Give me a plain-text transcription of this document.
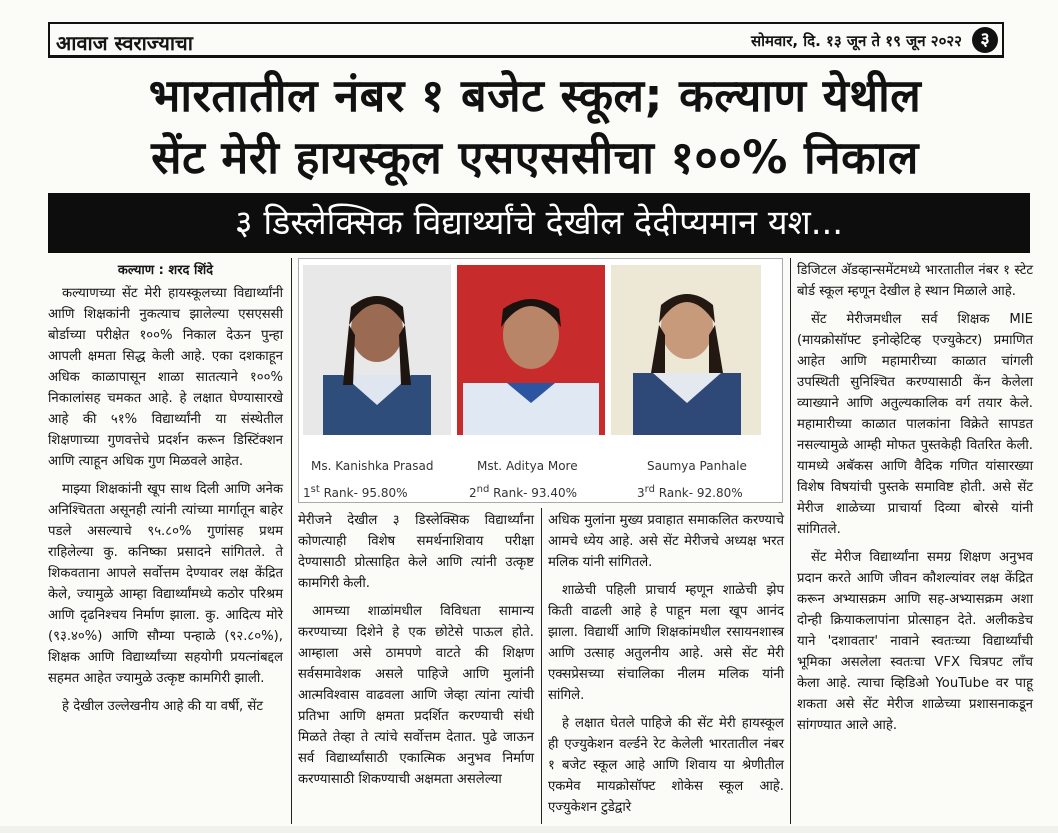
आवाज स्वराज्याचा	सोमवार, दि. १३ जून ते १९ जून २०२२	३
भारतातील नंबर १ बजेट स्कूल; कल्याण येथील
सेंट मेरी हायस्कूल एसएससीचा १००% निकाल
३ डिस्लेक्सिक विद्यार्थ्यांचे देखील देदीप्यमान यश...
कल्याण : शरद शिंदे

कल्याणच्या सेंट मेरी हायस्कूलच्या विद्यार्थ्यांनी आणि शिक्षकांनी नुकत्याच झालेल्या एसएससी बोर्डाच्या परीक्षेत १००% निकाल देऊन पुन्हा आपली क्षमता सिद्ध केली आहे. एका दशकाहून अधिक काळापासून शाळा सातत्याने १००% निकालांसह चमकत आहे. हे लक्षात घेण्यासारखे आहे की ५१% विद्यार्थ्यांनी या संस्थेतील शिक्षणाच्या गुणवत्तेचे प्रदर्शन करून डिस्टिंक्शन आणि त्याहून अधिक गुण मिळवले आहेत.

माझ्या शिक्षकांनी खूप साथ दिली आणि अनेक अनिश्चितता असूनही त्यांनी त्यांच्या मार्गातून बाहेर पडले असल्याचे ९५.८०% गुणांसह प्रथम राहिलेल्या कु. कनिष्का प्रसादने सांगितले. ते शिकवताना आपले सर्वोत्तम देण्यावर लक्ष केंद्रित केले, ज्यामुळे आम्हा विद्यार्थ्यांमध्ये कठोर परिश्रम आणि दृढनिश्चय निर्माण झाला. कु. आदित्य मोरे (९३.४०%) आणि सौम्या पन्हाळे (९२.८०%), शिक्षक आणि विद्यार्थ्यांच्या सहयोगी प्रयत्नांबद्दल सहमत आहेत ज्यामुळे उत्कृष्ट कामगिरी झाली.

हे देखील उल्लेखनीय आहे की या वर्षी, सेंट

Ms. Kanishka Prasad	Mst. Aditya More	Saumya Panhale
1st Rank- 95.80%	2nd Rank- 93.40%	3rd Rank- 92.80%

मेरीजने देखील ३ डिस्लेक्सिक विद्यार्थ्यांना कोणत्याही विशेष समर्थनाशिवाय परीक्षा देण्यासाठी प्रोत्साहित केले आणि त्यांनी उत्कृष्ट कामगिरी केली.

आमच्या शाळांमधील विविधता सामान्य करण्याच्या दिशेने हे एक छोटेसे पाऊल होते. आम्हाला असे ठामपणे वाटते की शिक्षण सर्वसमावेशक असले पाहिजे आणि मुलांनी आत्मविश्वास वाढवला आणि जेव्हा त्यांना त्यांची प्रतिभा आणि क्षमता प्रदर्शित करण्याची संधी मिळते तेव्हा ते त्यांचे सर्वोत्तम देतात. पुढे जाऊन सर्व विद्यार्थ्यांसाठी एकात्मिक अनुभव निर्माण करण्यासाठी शिकण्याची अक्षमता असलेल्या

अधिक मुलांना मुख्य प्रवाहात समाकलित करण्याचे आमचे ध्येय आहे. असे सेंट मेरीजचे अध्यक्ष भरत मलिक यांनी सांगितले.

शाळेची पहिली प्राचार्य म्हणून शाळेची झेप किती वाढली आहे हे पाहून मला खूप आनंद झाला. विद्यार्थी आणि शिक्षकांमधील रसायनशास्त्र आणि उत्साह अतुलनीय आहे. असे सेंट मेरी एक्सप्रेसच्या संचालिका नीलम मलिक यांनी सांगिले.

हे लक्षात घेतले पाहिजे की सेंट मेरी हायस्कूल ही एज्युकेशन वर्ल्डने रेट केलेली भारतातील नंबर १ बजेट स्कूल आहे आणि शिवाय या श्रेणीतील एकमेव मायक्रोसॉफ्ट शोकेस स्कूल आहे. एज्युकेशन टुडेद्वारे

डिजिटल अ‍ॅडव्हान्समेंटमध्ये भारतातील नंबर १ स्टेट बोर्ड स्कूल म्हणून देखील हे स्थान मिळाले आहे.

सेंट मेरीजमधील सर्व शिक्षक MIE (मायक्रोसॉफ्ट इनोव्हेटिव्ह एज्युकेटर) प्रमाणित आहेत आणि महामारीच्या काळात चांगली उपस्थिती सुनिश्चित करण्यासाठी केंन केलेला व्याख्याने आणि अतुल्यकालिक वर्ग तयार केले. महामारीच्या काळात पालकांना विक्रेते सापडत नसल्यामुळे आम्ही मोफत पुस्तकेही वितरित केली. यामध्ये अबॅकस आणि वैदिक गणित यांसारख्या विशेष विषयांची पुस्तके समाविष्ट होती. असे सेंट मेरीज शाळेच्या प्राचार्या दिव्या बोरसे यांनी सांगितले.

सेंट मेरीज विद्यार्थ्यांना समग्र शिक्षण अनुभव प्रदान करते आणि जीवन कौशल्यांवर लक्ष केंद्रित करून अभ्यासक्रम आणि सह-अभ्यासक्रम अशा दोन्ही क्रियाकलापांना प्रोत्साहन देते. अलीकडेच याने 'दशावतार' नावाने स्वतःच्या विद्यार्थ्यांची भूमिका असलेला स्वतःचा VFX चित्रपट लाँच केला आहे. त्याचा व्हिडिओ YouTube वर पाहू शकता असे सेंट मेरीज शाळेच्या प्रशासनाकडून सांगण्यात आले आहे.
